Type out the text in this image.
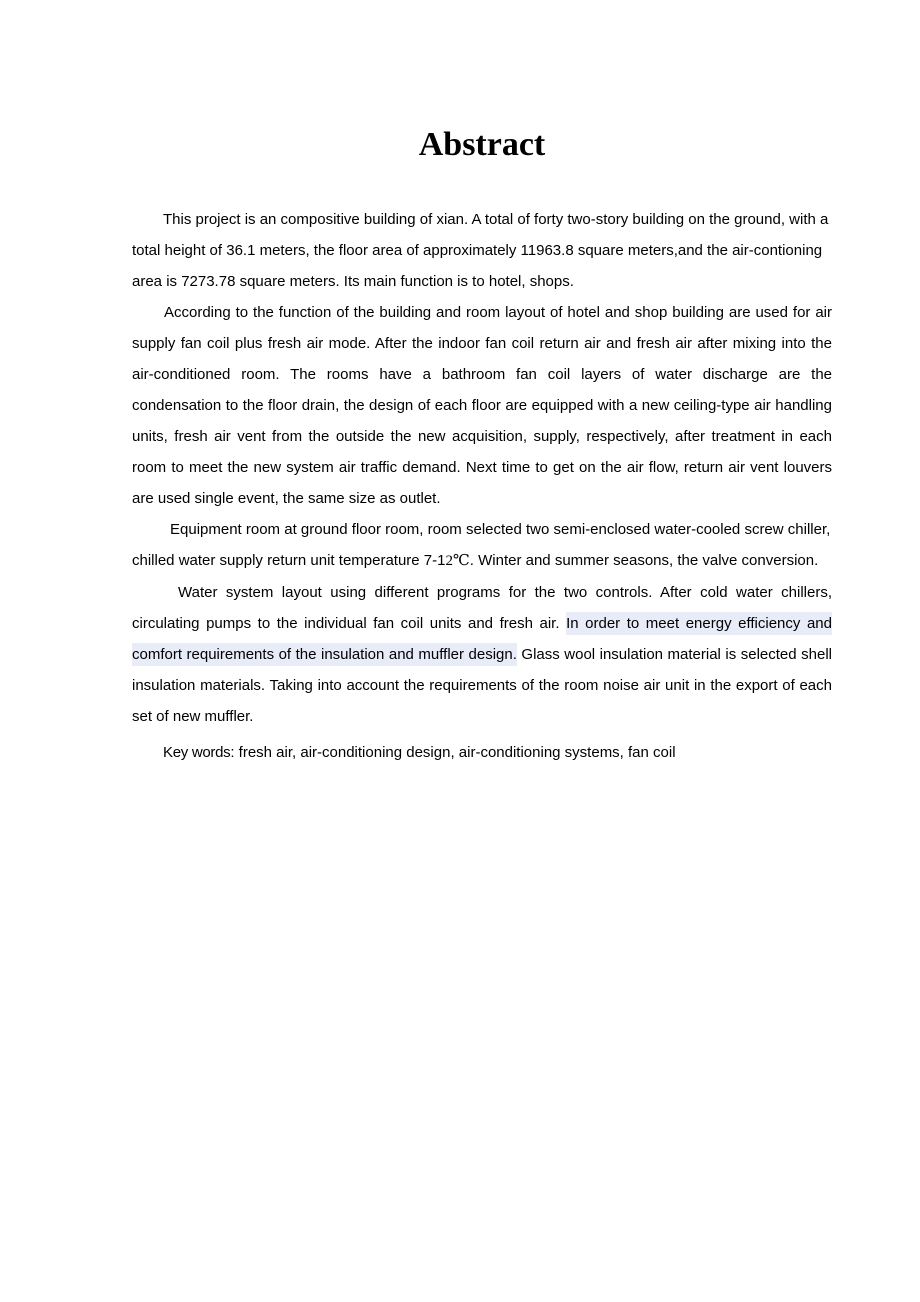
Abstract

This project is an compositive building of xian. A total of forty two-story building on the ground, with a total height of 36.1 meters, the floor area of approximately 11963.8 square meters,and the air-contioning area is 7273.78 square meters. Its main function is to hotel, shops.

According to the function of the building and room layout of hotel and shop building are used for air supply fan coil plus fresh air mode. After the indoor fan coil return air and fresh air after mixing into the air-conditioned room. The rooms have a bathroom fan coil layers of water discharge are the condensation to the floor drain, the design of each floor are equipped with a new ceiling-type air handling units, fresh air vent from the outside the new acquisition, supply, respectively, after treatment in each room to meet the new system air traffic demand. Next time to get on the air flow, return air vent louvers are used single event, the same size as outlet.

Equipment room at ground floor room, room selected two semi-enclosed water-cooled screw chiller, chilled water supply return unit temperature 7-12℃. Winter and summer seasons, the valve conversion.

Water system layout using different programs for the two controls. After cold water chillers, circulating pumps to the individual fan coil units and fresh air. In order to meet energy efficiency and comfort requirements of the insulation and muffler design. Glass wool insulation material is selected shell insulation materials. Taking into account the requirements of the room noise air unit in the export of each set of new muffler.

Key words: fresh air, air-conditioning design, air-conditioning systems, fan coil
